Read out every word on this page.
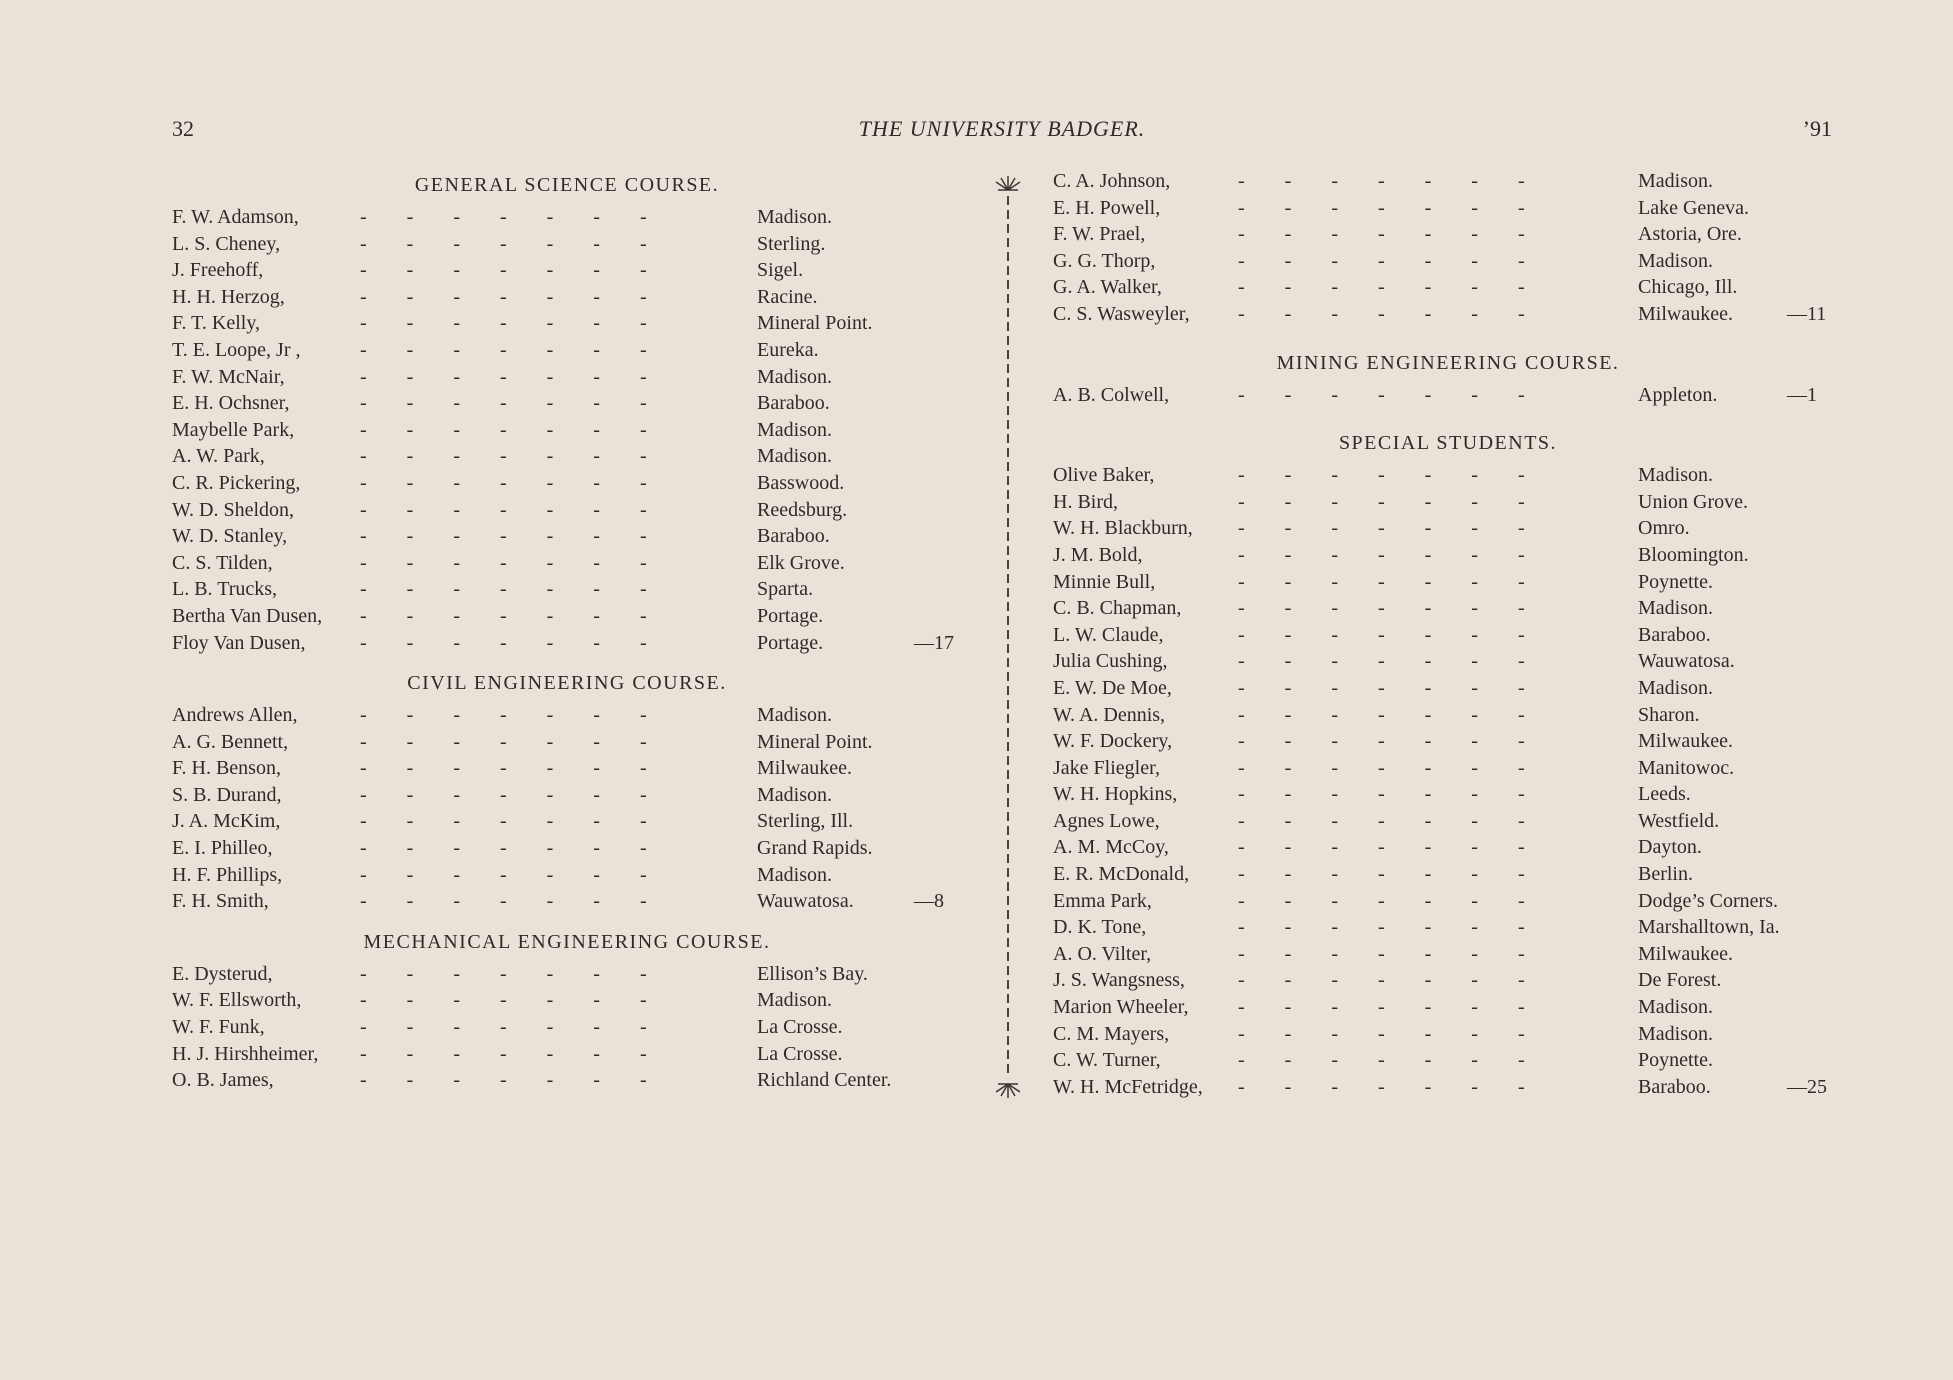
32	THE UNIVERSITY BADGER.	’91
GENERAL SCIENCE COURSE.
F. W. Adamson,	-  -  -  -  -  -  -	Madison.
L. S. Cheney,	-  -  -  -  -  -  -	Sterling.
J. Freehoff,	-  -  -  -  -  -  -	Sigel.
H. H. Herzog,	-  -  -  -  -  -  -	Racine.
F. T. Kelly,	-  -  -  -  -  -  -	Mineral Point.
T. E. Loope, Jr ,	-  -  -  -  -  -  -	Eureka.
F. W. McNair,	-  -  -  -  -  -  -	Madison.
E. H. Ochsner,	-  -  -  -  -  -  -	Baraboo.
Maybelle Park,	-  -  -  -  -  -  -	Madison.
A. W. Park,	-  -  -  -  -  -  -	Madison.
C. R. Pickering,	-  -  -  -  -  -  -	Basswood.
W. D. Sheldon,	-  -  -  -  -  -  -	Reedsburg.
W. D. Stanley,	-  -  -  -  -  -  -	Baraboo.
C. S. Tilden,	-  -  -  -  -  -  -	Elk Grove.
L. B. Trucks,	-  -  -  -  -  -  -	Sparta.
Bertha Van Dusen, -  -  -  -  -  -  -	Portage.
Floy Van Dusen,	-  -  -  -  -  -  -	Portage.	—17
CIVIL ENGINEERING COURSE.
Andrews Allen,	-  -  -  -  -  -  -	Madison.
A. G. Bennett,	-  -  -  -  -  -  -	Mineral Point.
F. H. Benson,	-  -  -  -  -  -  -	Milwaukee.
S. B. Durand,	-  -  -  -  -  -  -	Madison.
J. A. McKim,	-  -  -  -  -  -  -	Sterling, Ill.
E. I. Philleo,	-  -  -  -  -  -  -	Grand Rapids.
H. F. Phillips,	-  -  -  -  -  -  -	Madison.
F. H. Smith,	-  -  -  -  -  -  -	Wauwatosa.	—8
MECHANICAL ENGINEERING COURSE.
E. Dysterud,	-  -  -  -  -  -  -	Ellison’s Bay.
W. F. Ellsworth,	-  -  -  -  -  -  -	Madison.
W. F. Funk,	-  -  -  -  -  -  -	La Crosse.
H. J. Hirshheimer, -  -  -  -  -  -  -	La Crosse.
O. B. James,	-  -  -  -  -  -  -	Richland Center.
C. A. Johnson,	-  -  -  -  -  -  -	Madison.
E. H. Powell,	-  -  -  -  -  -  -	Lake Geneva.
F. W. Prael,	-  -  -  -  -  -  -	Astoria, Ore.
G. G. Thorp,	-  -  -  -  -  -  -	Madison.
G. A. Walker,	-  -  -  -  -  -  -	Chicago, Ill.
C. S. Wasweyler, -  -  -  -  -  -  -	Milwaukee.	—11
MINING ENGINEERING COURSE.
A. B. Colwell,	-  -  -  -  -  -  -	Appleton.	—1
SPECIAL STUDENTS.
Olive Baker,	-  -  -  -  -  -  -	Madison.
H. Bird,	-  -  -  -  -  -  -	Union Grove.
W. H. Blackburn, -  -  -  -  -  -  -	Omro.
J. M. Bold,	-  -  -  -  -  -  -	Bloomington.
Minnie Bull,	-  -  -  -  -  -  -	Poynette.
C. B. Chapman,	-  -  -  -  -  -  -	Madison.
L. W. Claude,	-  -  -  -  -  -  -	Baraboo.
Julia Cushing,	-  -  -  -  -  -  -	Wauwatosa.
E. W. De Moe,	-  -  -  -  -  -  -	Madison.
W. A. Dennis,	-  -  -  -  -  -  -	Sharon.
W. F. Dockery,	-  -  -  -  -  -  -	Milwaukee.
Jake Fliegler,	-  -  -  -  -  -  -	Manitowoc.
W. H. Hopkins,	-  -  -  -  -  -  -	Leeds.
Agnes Lowe,	-  -  -  -  -  -  -	Westfield.
A. M. McCoy,	-  -  -  -  -  -  -	Dayton.
E. R. McDonald, -  -  -  -  -  -  -	Berlin.
Emma Park,	-  -  -  -  -  -  -	Dodge’s Corners.
D. K. Tone,	-  -  -  -  -  -  -	Marshalltown, Ia.
A. O. Vilter,	-  -  -  -  -  -  -	Milwaukee.
J. S. Wangsness,	-  -  -  -  -  -  -	De Forest.
Marion Wheeler, -  -  -  -  -  -  -	Madison.
C. M. Mayers,	-  -  -  -  -  -  -	Madison.
C. W. Turner,	-  -  -  -  -  -  -	Poynette.
W. H. McFetridge, -  -  -  -  -  -  -	Baraboo.	—25
